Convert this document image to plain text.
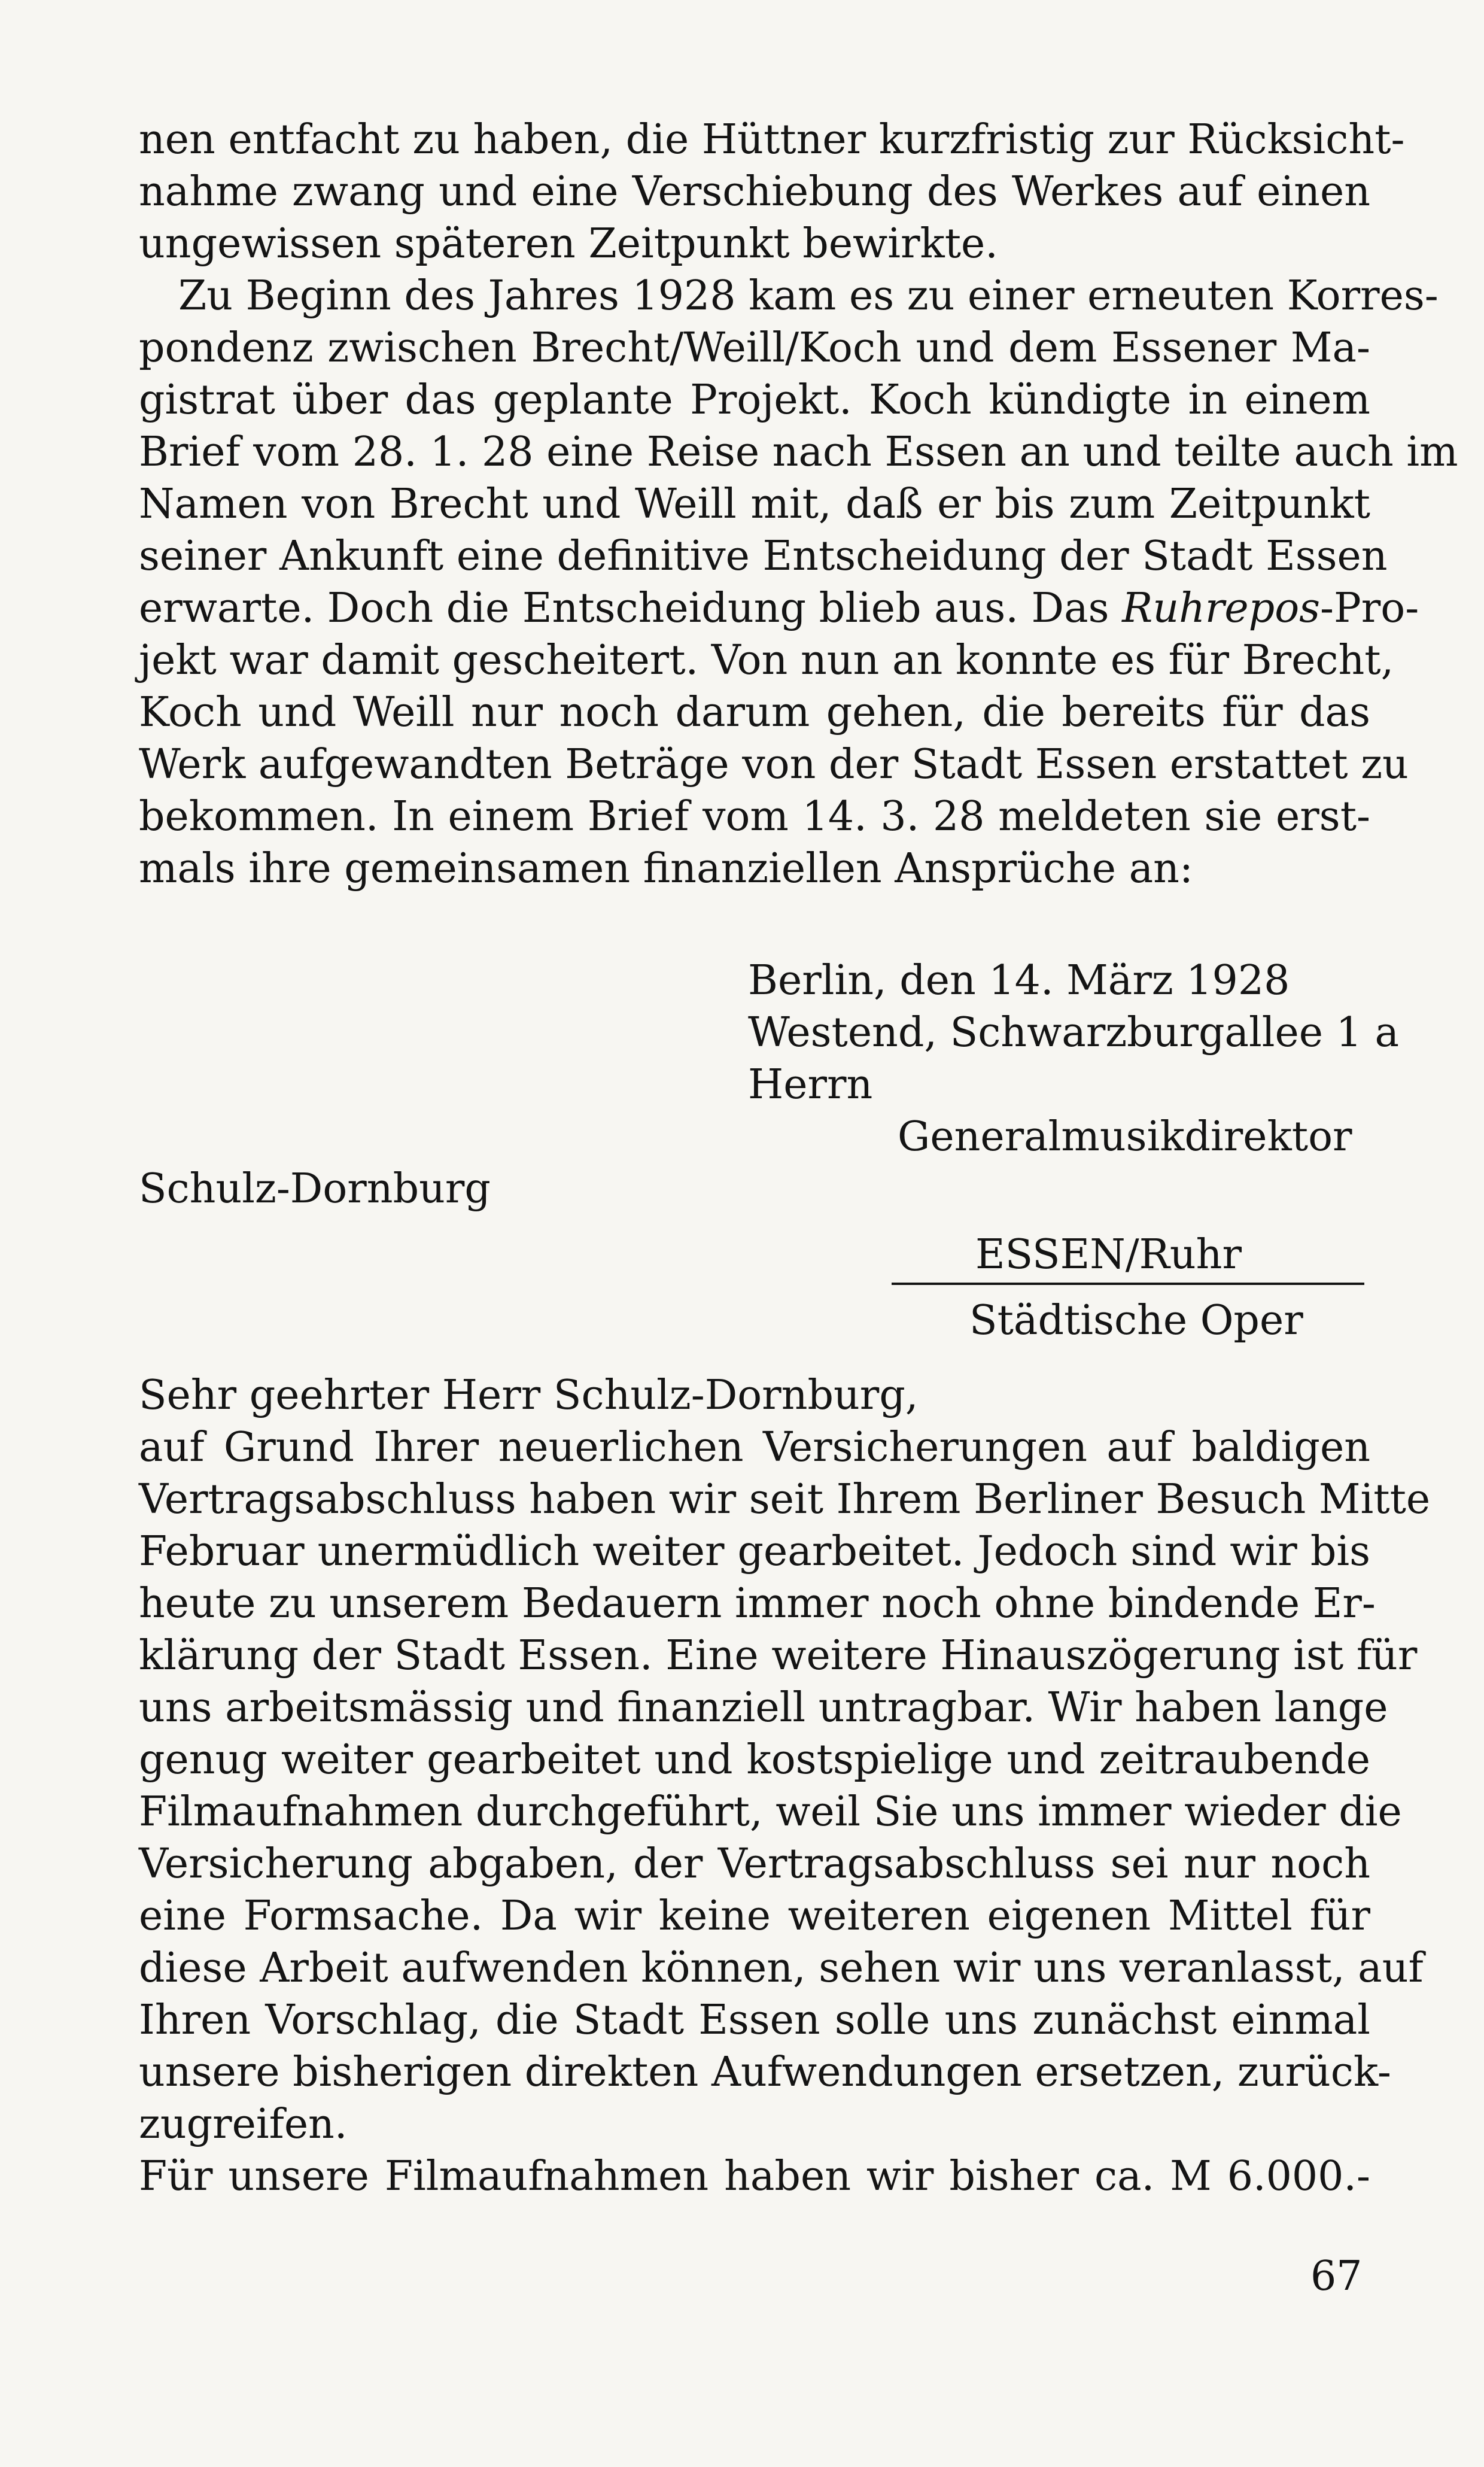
nen entfacht zu haben, die Hüttner kurzfristig zur Rücksicht-
nahme zwang und eine Verschiebung des Werkes auf einen
ungewissen späteren Zeitpunkt bewirkte.
Zu Beginn des Jahres 1928 kam es zu einer erneuten Korres-
pondenz zwischen Brecht/Weill/Koch und dem Essener Ma-
gistrat über das geplante Projekt. Koch kündigte in einem
Brief vom 28. 1. 28 eine Reise nach Essen an und teilte auch im
Namen von Brecht und Weill mit, daß er bis zum Zeitpunkt
seiner Ankunft eine definitive Entscheidung der Stadt Essen
erwarte. Doch die Entscheidung blieb aus. Das Ruhrepos-Pro-
jekt war damit gescheitert. Von nun an konnte es für Brecht,
Koch und Weill nur noch darum gehen, die bereits für das
Werk aufgewandten Beträge von der Stadt Essen erstattet zu
bekommen. In einem Brief vom 14. 3. 28 meldeten sie erst-
mals ihre gemeinsamen finanziellen Ansprüche an:
Berlin, den 14. März 1928
Westend, Schwarzburgallee 1 a
Herrn
Generalmusikdirektor
Schulz-Dornburg
ESSEN/Ruhr
Städtische Oper
Sehr geehrter Herr Schulz-Dornburg,
auf Grund Ihrer neuerlichen Versicherungen auf baldigen
Vertragsabschluss haben wir seit Ihrem Berliner Besuch Mitte
Februar unermüdlich weiter gearbeitet. Jedoch sind wir bis
heute zu unserem Bedauern immer noch ohne bindende Er-
klärung der Stadt Essen. Eine weitere Hinauszögerung ist für
uns arbeitsmässig und finanziell untragbar. Wir haben lange
genug weiter gearbeitet und kostspielige und zeitraubende
Filmaufnahmen durchgeführt, weil Sie uns immer wieder die
Versicherung abgaben, der Vertragsabschluss sei nur noch
eine Formsache. Da wir keine weiteren eigenen Mittel für
diese Arbeit aufwenden können, sehen wir uns veranlasst, auf
Ihren Vorschlag, die Stadt Essen solle uns zunächst einmal
unsere bisherigen direkten Aufwendungen ersetzen, zurück-
zugreifen.
Für unsere Filmaufnahmen haben wir bisher ca. M 6.000.-
67
